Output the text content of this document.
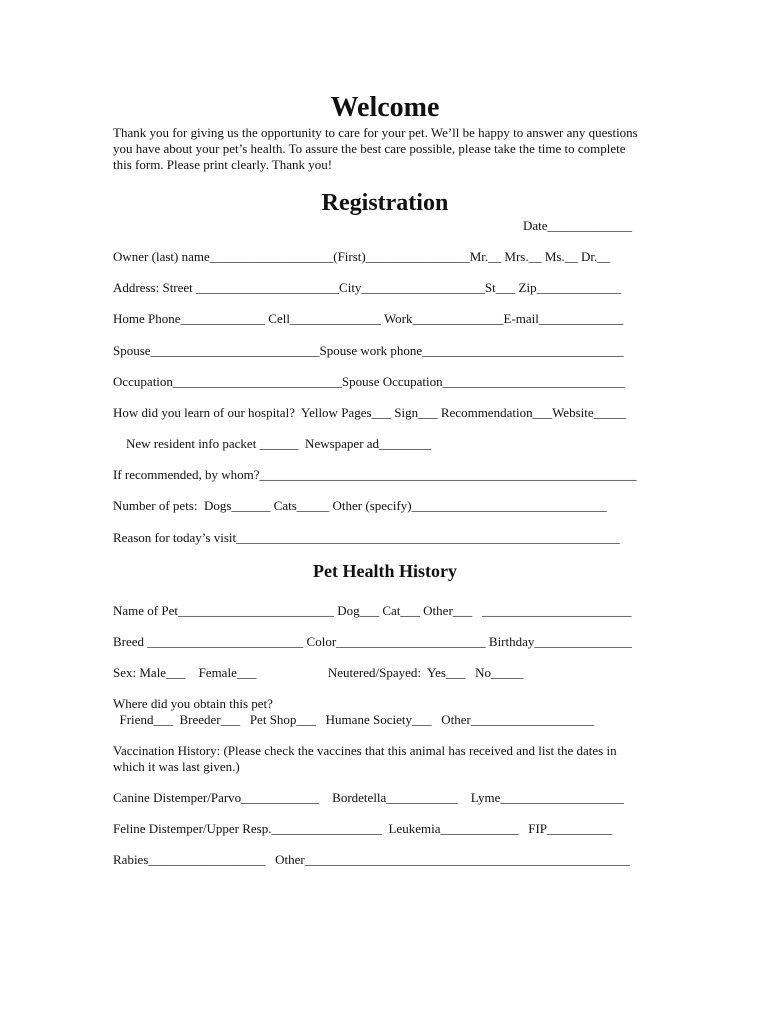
Welcome
Thank you for giving us the opportunity to care for your pet. We’ll be happy to answer any questions
you have about your pet’s health. To assure the best care possible, please take the time to complete
this form. Please print clearly. Thank you!
Registration
Date_____________
Owner (last) name___________________(First)________________Mr.__ Mrs.__ Ms.__ Dr.__
Address: Street ______________________City___________________St___ Zip_____________
Home Phone_____________ Cell______________ Work______________E-mail_____________
Spouse__________________________Spouse work phone_______________________________
Occupation__________________________Spouse Occupation____________________________
How did you learn of our hospital?  Yellow Pages___ Sign___ Recommendation___Website_____
New resident info packet ______  Newspaper ad________
If recommended, by whom?__________________________________________________________
Number of pets:  Dogs______ Cats_____ Other (specify)______________________________
Reason for today’s visit___________________________________________________________
Pet Health History
Name of Pet________________________ Dog___ Cat___ Other___   _______________________
Breed ________________________ Color_______________________ Birthday_______________
Sex: Male___    Female___                      Neutered/Spayed:  Yes___   No_____
Where did you obtain this pet?
Friend___  Breeder___   Pet Shop___   Humane Society___   Other___________________
Vaccination History: (Please check the vaccines that this animal has received and list the dates in
which it was last given.)
Canine Distemper/Parvo____________    Bordetella___________    Lyme___________________
Feline Distemper/Upper Resp._________________  Leukemia____________   FIP__________
Rabies__________________   Other__________________________________________________
